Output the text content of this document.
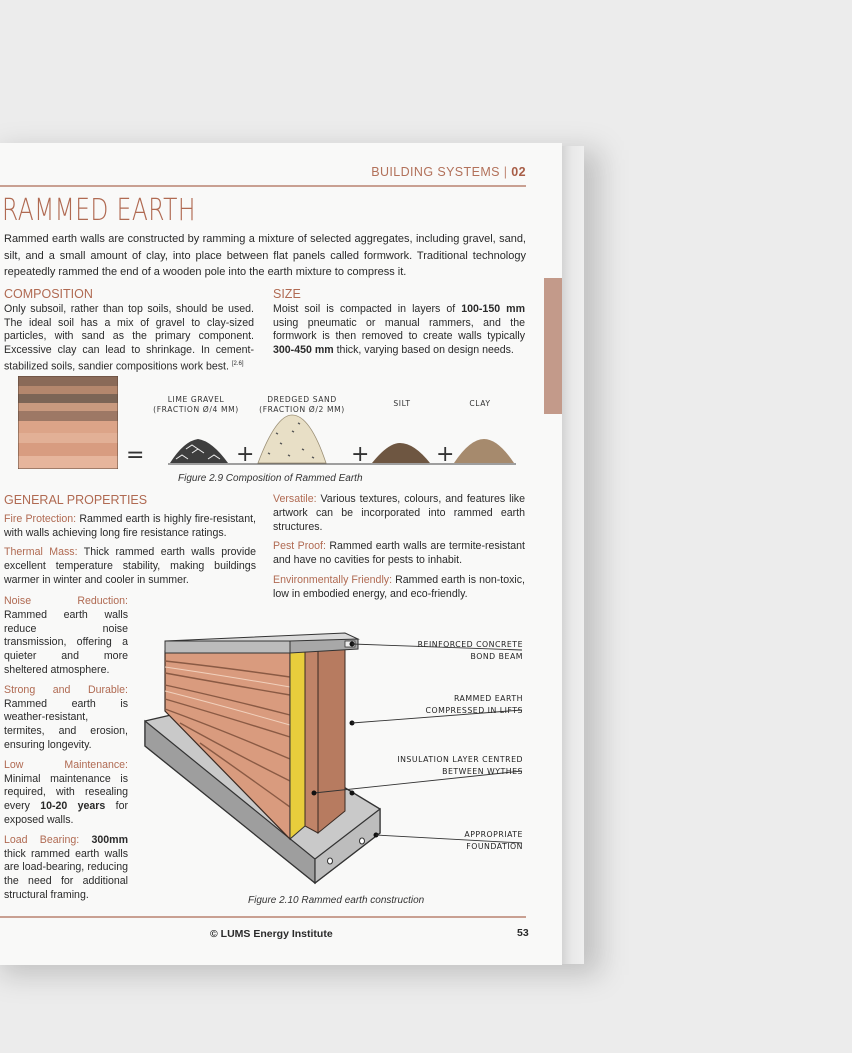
BUILDING SYSTEMS | 02
RAMMED EARTH
Rammed earth walls are constructed by ramming a mixture of selected aggregates, including gravel, sand, silt, and a small amount of clay, into place between flat panels called formwork. Traditional technology repeatedly rammed the end of a wooden pole into the earth mixture to compress it.
COMPOSITION
Only subsoil, rather than top soils, should be used. The ideal soil has a mix of gravel to clay-sized particles, with sand as the primary component. Excessive clay can lead to shrinkage. In cement-stabilized soils, sandier compositions work best. [2.6]
SIZE
Moist soil is compacted in layers of 100-150 mm using pneumatic or manual rammers, and the formwork is then removed to create walls typically 300-450 mm thick, varying based on design needs.
=
LIME GRAVEL
(FRACTION Ø/4 MM)
DREDGED SAND
(FRACTION Ø/2 MM)
SILT	CLAY
+	+	+
Figure 2.9 Composition of Rammed Earth
GENERAL PROPERTIES

Fire Protection: Rammed earth is highly fire-resistant, with walls achieving long fire resistance ratings.

Thermal Mass: Thick rammed earth walls provide excellent temperature stability, making buildings warmer in winter and cooler in summer.

Noise Reduction: Rammed earth walls reduce noise transmission, offering a quieter and more sheltered atmosphere.

Strong and Durable: Rammed earth is weather-resistant, termites, and erosion, ensuring longevity.

Low Maintenance: Minimal maintenance is required, with resealing every 10-20 years for exposed walls.

Load Bearing: 300mm thick rammed earth walls are load-bearing, reducing the need for additional structural framing.

Versatile: Various textures, colours, and features like artwork can be incorporated into rammed earth structures.

Pest Proof: Rammed earth walls are termite-resistant and have no cavities for pests to inhabit.

Environmentally Friendly: Rammed earth is non-toxic, low in embodied energy, and eco-friendly.

REINFORCED CONCRETE
BOND BEAM
RAMMED EARTH
COMPRESSED IN LIFTS
INSULATION LAYER CENTRED
BETWEEN WYTHES
APPROPRIATE
FOUNDATION
Figure 2.10 Rammed earth construction
© LUMS Energy Institute	53
